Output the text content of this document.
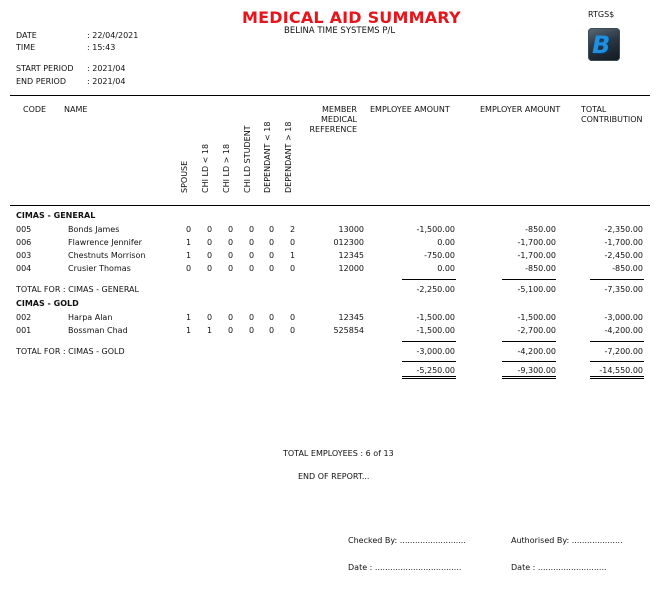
MEDICAL AID SUMMARY
BELINA TIME SYSTEMS P/L
RTGS$
B
DATE	: 22/04/2021
TIME	: 15:43
START PERIOD : 2021/04
END PERIOD	: 2021/04
CODE NAME
SPOUSE CHI LD < 18 CHI LD > 18 CHI LD STUDENT DEPENDANT < 18 DEPENDANT > 18
MEMBER
MEDICAL
REFERENCE
EMPLOYEE AMOUNT	EMPLOYER AMOUNT	TOTAL
CONTRIBUTION
CIMAS - GENERAL
005	Bonds James	0 0 0 0 0 2	13000	-1,500.00	-850.00	-2,350.00
006	Flawrence Jennifer	1 0 0 0 0 0	012300	0.00	-1,700.00	-1,700.00
003	Chestnuts Morrison	1 0 0 0 0 1	12345	-750.00	-1,700.00	-2,450.00
004	Crusier Thomas	0 0 0 0 0 0	12000	0.00	-850.00	-850.00
TOTAL FOR : CIMAS - GENERAL	-2,250.00	-5,100.00	-7,350.00
CIMAS - GOLD
002	Harpa Alan	1 0 0 0 0 0	12345	-1,500.00	-1,500.00	-3,000.00
001	Bossman Chad	1 1 0 0 0 0	525854	-1,500.00	-2,700.00	-4,200.00
TOTAL FOR : CIMAS - GOLD	-3,000.00	-4,200.00	-7,200.00
-5,250.00	-9,300.00	-14,550.00
TOTAL EMPLOYEES : 6 of 13
END OF REPORT...
Checked By: ..........................	Authorised By: ....................
Date : ..................................	Date : ...........................
